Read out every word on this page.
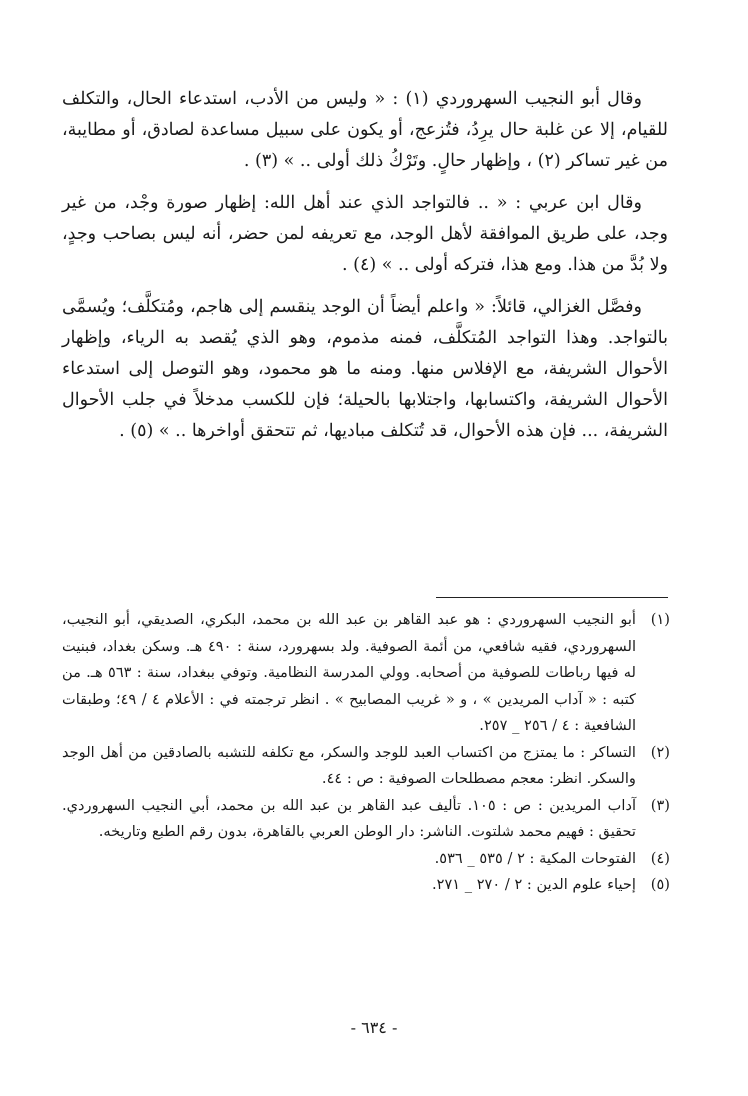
وقال أبو النجيب السهروردي (١) : « وليس من الأدب، استدعاء الحال، والتكلف للقيام، إلا عن غلبة حال يرِدُ، فتُزعج، أو يكون على سبيل مساعدة لصادق، أو مطايبة، من غير تساكر (٢) ، وإظهار حالٍ. وتَرْكُ ذلك أولى .. » (٣) .

وقال ابن عربي : « .. فالتواجد الذي عند أهل الله: إظهار صورة وجْد، من غير وجد، على طريق الموافقة لأهل الوجد، مع تعريفه لمن حضر، أنه ليس بصاحب وجدٍ، ولا بُدَّ من هذا. ومع هذا، فتركه أولى .. » (٤) .

وفصَّل الغزالي، قائلاً: « واعلم أيضاً أن الوجد ينقسم إلى هاجم، ومُتكلَّف؛ ويُسمَّى بالتواجد. وهذا التواجد المُتكلَّف، فمنه مذموم، وهو الذي يُقصد به الرياء، وإظهار الأحوال الشريفة، مع الإفلاس منها. ومنه ما هو محمود، وهو التوصل إلى استدعاء الأحوال الشريفة، واكتسابها، واجتلابها بالحيلة؛ فإن للكسب مدخلاً في جلب الأحوال الشريفة، ... فإن هذه الأحوال، قد تُتكلف مباديها، ثم تتحقق أواخرها .. » (٥) .

(١)
أبو النجيب السهروردي : هو عبد القاهر بن عبد الله بن محمد، البكري، الصديقي، أبو النجيب، السهروردي، فقيه شافعي، من أئمة الصوفية. ولد بسهرورد، سنة : ٤٩٠ هـ. وسكن بغداد، فبنيت له فيها رباطات للصوفية من أصحابه. وولي المدرسة النظامية. وتوفي ببغداد، سنة : ٥٦٣ هـ. من كتبه : « آداب المريدين » ، و « غريب المصابيح » . انظر ترجمته في : الأعلام ٤ / ٤٩؛ وطبقات الشافعية : ٤ / ٢٥٦ _ ٢٥٧.
(٢)
التساكر : ما يمتزج من اكتساب العبد للوجد والسكر، مع تكلفه للتشبه بالصادقين من أهل الوجد والسكر. انظر: معجم مصطلحات الصوفية : ص : ٤٤.
(٣)
آداب المريدين : ص : ١٠٥. تأليف عبد القاهر بن عبد الله بن محمد، أبي النجيب السهروردي. تحقيق : فهيم محمد شلتوت. الناشر: دار الوطن العربي بالقاهرة، بدون رقم الطبع وتاريخه.
(٤)
الفتوحات المكية : ٢ / ٥٣٥ _ ٥٣٦.
(٥)
إحياء علوم الدين : ٢ / ٢٧٠ _ ٢٧١.
- ٦٣٤ -
